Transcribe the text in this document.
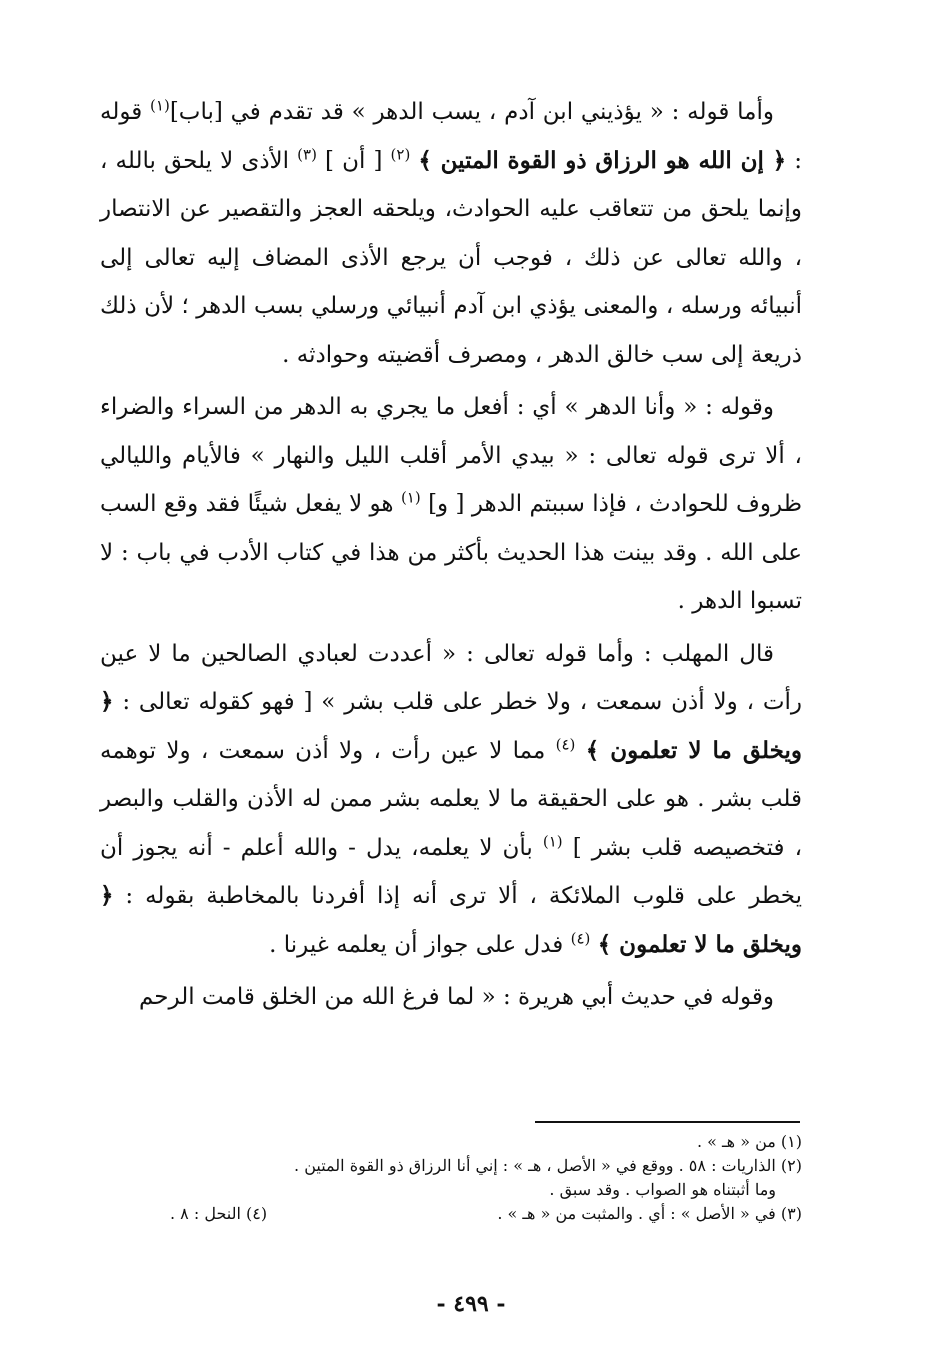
وأما قوله : « يؤذيني ابن آدم ، يسب الدهر » قد تقدم في [باب]$^{(١)}$ قوله : ﴿ إن الله هو الرزاق ذو القوة المتين ﴾ $^{(٢)}$ [ أن ] $^{(٣)}$ الأذى لا يلحق بالله ، وإنما يلحق من تتعاقب عليه الحوادث، ويلحقه العجز والتقصير عن الانتصار ، والله تعالى عن ذلك ، فوجب أن يرجع الأذى المضاف إليه تعالى إلى أنبيائه ورسله ، والمعنى يؤذي ابن آدم أنبيائي ورسلي بسب الدهر ؛ لأن ذلك ذريعة إلى سب خالق الدهر ، ومصرف أقضيته وحوادثه .

وقوله : « وأنا الدهر » أي : أفعل ما يجري به الدهر من السراء والضراء ، ألا ترى قوله تعالى : « بيدي الأمر أقلب الليل والنهار » فالأيام والليالي ظروف للحوادث ، فإذا سببتم الدهر [ و] $^{(١)}$ هو لا يفعل شيئًا فقد وقع السب على الله . وقد بينت هذا الحديث بأكثر من هذا في كتاب الأدب في باب : لا تسبوا الدهر .

قال المهلب : وأما قوله تعالى : « أعددت لعبادي الصالحين ما لا عين رأت ، ولا أذن سمعت ، ولا خطر على قلب بشر » [ فهو كقوله تعالى : ﴿ ويخلق ما لا تعلمون ﴾ $^{(٤)}$ مما لا عين رأت ، ولا أذن سمعت ، ولا توهمه قلب بشر . هو على الحقيقة ما لا يعلمه بشر ممن له الأذن والقلب والبصر ، فتخصيصه قلب بشر ] $^{(١)}$ بأن لا يعلمه، يدل - والله أعلم - أنه يجوز أن يخطر على قلوب الملائكة ، ألا ترى أنه إذا أفردنا بالمخاطبة بقوله : ﴿ ويخلق ما لا تعلمون ﴾ $^{(٤)}$ فدل على جواز أن يعلمه غيرنا .

وقوله في حديث أبي هريرة : « لما فرغ الله من الخلق قامت الرحم

(١) من « هـ » .

(٢) الذاريات : ٥٨ . ووقع في « الأصل ، هـ » : إني أنا الرزاق ذو القوة المتين .

وما أثبتناه هو الصواب . وقد سبق .

(٣) في « الأصل » : أي . والمثبت من « هـ » .

(٤) النحل : ٨ .

- ٤٩٩ -
